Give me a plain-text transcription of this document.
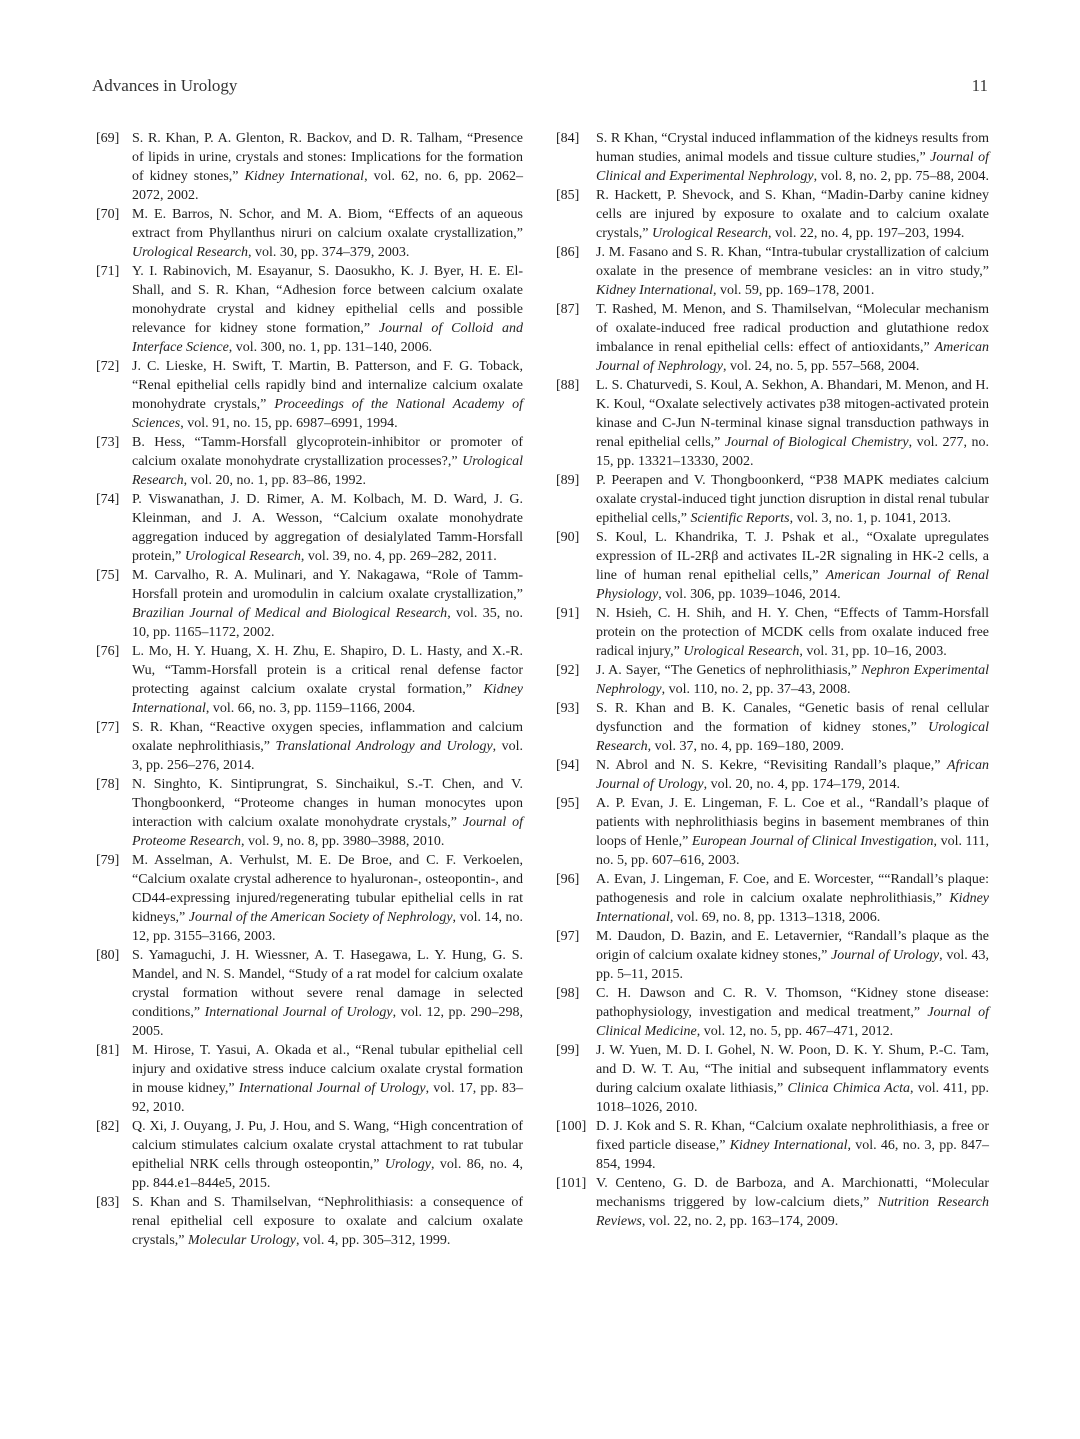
Advances in Urology	11
[69] S. R. Khan, P. A. Glenton, R. Backov, and D. R. Talham, “Presence of lipids in urine, crystals and stones: Implications for the formation of kidney stones,” Kidney International, vol. 62, no. 6, pp. 2062–2072, 2002.
[70] M. E. Barros, N. Schor, and M. A. Biom, “Effects of an aqueous extract from Phyllanthus niruri on calcium oxalate crystallization,” Urological Research, vol. 30, pp. 374–379, 2003.
[71] Y. I. Rabinovich, M. Esayanur, S. Daosukho, K. J. Byer, H. E. El-Shall, and S. R. Khan, “Adhesion force between calcium oxalate monohydrate crystal and kidney epithelial cells and possible relevance for kidney stone formation,” Journal of Colloid and Interface Science, vol. 300, no. 1, pp. 131–140, 2006.
[72] J. C. Lieske, H. Swift, T. Martin, B. Patterson, and F. G. Toback, “Renal epithelial cells rapidly bind and internalize calcium oxalate monohydrate crystals,” Proceedings of the National Academy of Sciences, vol. 91, no. 15, pp. 6987–6991, 1994.
[73] B. Hess, “Tamm-Horsfall glycoprotein-inhibitor or promoter of calcium oxalate monohydrate crystallization processes?,” Urological Research, vol. 20, no. 1, pp. 83–86, 1992.
[74] P. Viswanathan, J. D. Rimer, A. M. Kolbach, M. D. Ward, J. G. Kleinman, and J. A. Wesson, “Calcium oxalate monohydrate aggregation induced by aggregation of desialylated Tamm-Horsfall protein,” Urological Research, vol. 39, no. 4, pp. 269–282, 2011.
[75] M. Carvalho, R. A. Mulinari, and Y. Nakagawa, “Role of Tamm-Horsfall protein and uromodulin in calcium oxalate crystallization,” Brazilian Journal of Medical and Biological Research, vol. 35, no. 10, pp. 1165–1172, 2002.
[76] L. Mo, H. Y. Huang, X. H. Zhu, E. Shapiro, D. L. Hasty, and X.-R. Wu, “Tamm-Horsfall protein is a critical renal defense factor protecting against calcium oxalate crystal formation,” Kidney International, vol. 66, no. 3, pp. 1159–1166, 2004.
[77] S. R. Khan, “Reactive oxygen species, inflammation and calcium oxalate nephrolithiasis,” Translational Andrology and Urology, vol. 3, pp. 256–276, 2014.
[78] N. Singhto, K. Sintiprungrat, S. Sinchaikul, S.-T. Chen, and V. Thongboonkerd, “Proteome changes in human monocytes upon interaction with calcium oxalate monohydrate crystals,” Journal of Proteome Research, vol. 9, no. 8, pp. 3980–3988, 2010.
[79] M. Asselman, A. Verhulst, M. E. De Broe, and C. F. Verkoelen, “Calcium oxalate crystal adherence to hyaluronan-, osteopontin-, and CD44-expressing injured/regenerating tubular epithelial cells in rat kidneys,” Journal of the American Society of Nephrology, vol. 14, no. 12, pp. 3155–3166, 2003.
[80] S. Yamaguchi, J. H. Wiessner, A. T. Hasegawa, L. Y. Hung, G. S. Mandel, and N. S. Mandel, “Study of a rat model for calcium oxalate crystal formation without severe renal damage in selected conditions,” International Journal of Urology, vol. 12, pp. 290–298, 2005.
[81] M. Hirose, T. Yasui, A. Okada et al., “Renal tubular epithelial cell injury and oxidative stress induce calcium oxalate crystal formation in mouse kidney,” International Journal of Urology, vol. 17, pp. 83–92, 2010.
[82] Q. Xi, J. Ouyang, J. Pu, J. Hou, and S. Wang, “High concentration of calcium stimulates calcium oxalate crystal attachment to rat tubular epithelial NRK cells through osteopontin,” Urology, vol. 86, no. 4, pp. 844.e1–844e5, 2015.
[83] S. Khan and S. Thamilselvan, “Nephrolithiasis: a consequence of renal epithelial cell exposure to oxalate and calcium oxalate crystals,” Molecular Urology, vol. 4, pp. 305–312, 1999.
[84] S. R Khan, “Crystal induced inflammation of the kidneys results from human studies, animal models and tissue culture studies,” Journal of Clinical and Experimental Nephrology, vol. 8, no. 2, pp. 75–88, 2004.
[85] R. Hackett, P. Shevock, and S. Khan, “Madin-Darby canine kidney cells are injured by exposure to oxalate and to calcium oxalate crystals,” Urological Research, vol. 22, no. 4, pp. 197–203, 1994.
[86] J. M. Fasano and S. R. Khan, “Intra-tubular crystallization of calcium oxalate in the presence of membrane vesicles: an in vitro study,” Kidney International, vol. 59, pp. 169–178, 2001.
[87] T. Rashed, M. Menon, and S. Thamilselvan, “Molecular mechanism of oxalate-induced free radical production and glutathione redox imbalance in renal epithelial cells: effect of antioxidants,” American Journal of Nephrology, vol. 24, no. 5, pp. 557–568, 2004.
[88] L. S. Chaturvedi, S. Koul, A. Sekhon, A. Bhandari, M. Menon, and H. K. Koul, “Oxalate selectively activates p38 mitogen-activated protein kinase and C-Jun N-terminal kinase signal transduction pathways in renal epithelial cells,” Journal of Biological Chemistry, vol. 277, no. 15, pp. 13321–13330, 2002.
[89] P. Peerapen and V. Thongboonkerd, “P38 MAPK mediates calcium oxalate crystal-induced tight junction disruption in distal renal tubular epithelial cells,” Scientific Reports, vol. 3, no. 1, p. 1041, 2013.
[90] S. Koul, L. Khandrika, T. J. Pshak et al., “Oxalate upregulates expression of IL-2Rβ and activates IL-2R signaling in HK-2 cells, a line of human renal epithelial cells,” American Journal of Renal Physiology, vol. 306, pp. 1039–1046, 2014.
[91] N. Hsieh, C. H. Shih, and H. Y. Chen, “Effects of Tamm-Horsfall protein on the protection of MCDK cells from oxalate induced free radical injury,” Urological Research, vol. 31, pp. 10–16, 2003.
[92] J. A. Sayer, “The Genetics of nephrolithiasis,” Nephron Experimental Nephrology, vol. 110, no. 2, pp. 37–43, 2008.
[93] S. R. Khan and B. K. Canales, “Genetic basis of renal cellular dysfunction and the formation of kidney stones,” Urological Research, vol. 37, no. 4, pp. 169–180, 2009.
[94] N. Abrol and N. S. Kekre, “Revisiting Randall’s plaque,” African Journal of Urology, vol. 20, no. 4, pp. 174–179, 2014.
[95] A. P. Evan, J. E. Lingeman, F. L. Coe et al., “Randall’s plaque of patients with nephrolithiasis begins in basement membranes of thin loops of Henle,” European Journal of Clinical Investigation, vol. 111, no. 5, pp. 607–616, 2003.
[96] A. Evan, J. Lingeman, F. Coe, and E. Worcester, ““Randall’s plaque: pathogenesis and role in calcium oxalate nephrolithiasis,” Kidney International, vol. 69, no. 8, pp. 1313–1318, 2006.
[97] M. Daudon, D. Bazin, and E. Letavernier, “Randall’s plaque as the origin of calcium oxalate kidney stones,” Journal of Urology, vol. 43, pp. 5–11, 2015.
[98] C. H. Dawson and C. R. V. Thomson, “Kidney stone disease: pathophysiology, investigation and medical treatment,” Journal of Clinical Medicine, vol. 12, no. 5, pp. 467–471, 2012.
[99] J. W. Yuen, M. D. I. Gohel, N. W. Poon, D. K. Y. Shum, P.-C. Tam, and D. W. T. Au, “The initial and subsequent inflammatory events during calcium oxalate lithiasis,” Clinica Chimica Acta, vol. 411, pp. 1018–1026, 2010.
[100] D. J. Kok and S. R. Khan, “Calcium oxalate nephrolithiasis, a free or fixed particle disease,” Kidney International, vol. 46, no. 3, pp. 847–854, 1994.
[101] V. Centeno, G. D. de Barboza, and A. Marchionatti, “Molecular mechanisms triggered by low-calcium diets,” Nutrition Research Reviews, vol. 22, no. 2, pp. 163–174, 2009.
